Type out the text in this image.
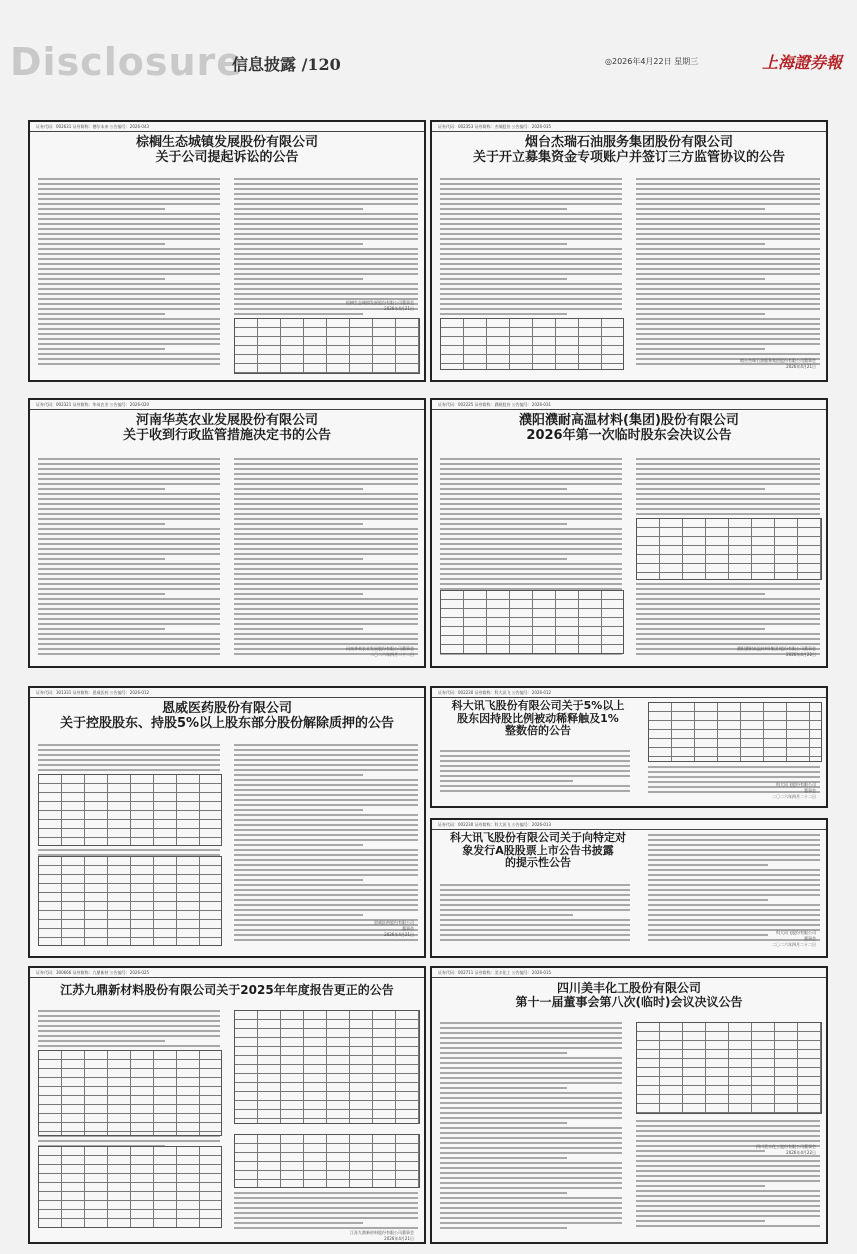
Disclosure
信息披露 /120	◎2026年4月22日 星期三	上海證券報
证券代码：002631 证券简称：德尔未来 公告编号：2026-043
棕榈生态城镇发展股份有限公司
关于公司提起诉讼的公告
棕榈生态城镇发展股份有限公司董事会
2026年4月21日
证券代码：002353 证券简称：杰瑞股份 公告编号：2026-035
烟台杰瑞石油服务集团股份有限公司
关于开立募集资金专项账户并签订三方监管协议的公告
烟台杰瑞石油服务集团股份有限公司董事会
2026年4月21日
证券代码：002321 证券简称：华英农业 公告编号：2026-020
河南华英农业发展股份有限公司
关于收到行政监管措施决定书的公告
河南华英农业发展股份有限公司董事会
二〇二六年四月二十二日
证券代码：002225 证券简称：濮耐股份 公告编号：2026-031
濮阳濮耐高温材料(集团)股份有限公司
2026年第一次临时股东会决议公告
濮阳濮耐高温材料(集团)股份有限公司董事会
2026年4月22日
证券代码：301331 证券简称：恩威医药 公告编号：2026-012
恩威医药股份有限公司
关于控股股东、持股5%以上股东部分股份解除质押的公告
恩威医药股份有限公司
董事会
2026年4月21日
证券代码：002230 证券简称：科大讯飞 公告编号：2026-012
科大讯飞股份有限公司关于5%以上
股东因持股比例被动稀释触及1%
整数倍的公告
科大讯飞股份有限公司
董事会
二〇二六年四月二十二日
证券代码：002230 证券简称：科大讯飞 公告编号：2026-013
科大讯飞股份有限公司关于向特定对
象发行A股股票上市公告书披露
的提示性公告
科大讯飞股份有限公司
董事会
二〇二六年四月二十二日
证券代码：300666 证券简称：九鼎新材 公告编号：2026-025
江苏九鼎新材料股份有限公司关于2025年年度报告更正的公告
江苏九鼎新材料股份有限公司董事会
2026年4月21日
证券代码：002711 证券简称：美丰化工 公告编号：2026-015
四川美丰化工股份有限公司
第十一届董事会第八次(临时)会议决议公告
四川美丰化工股份有限公司董事会
2026年4月22日
